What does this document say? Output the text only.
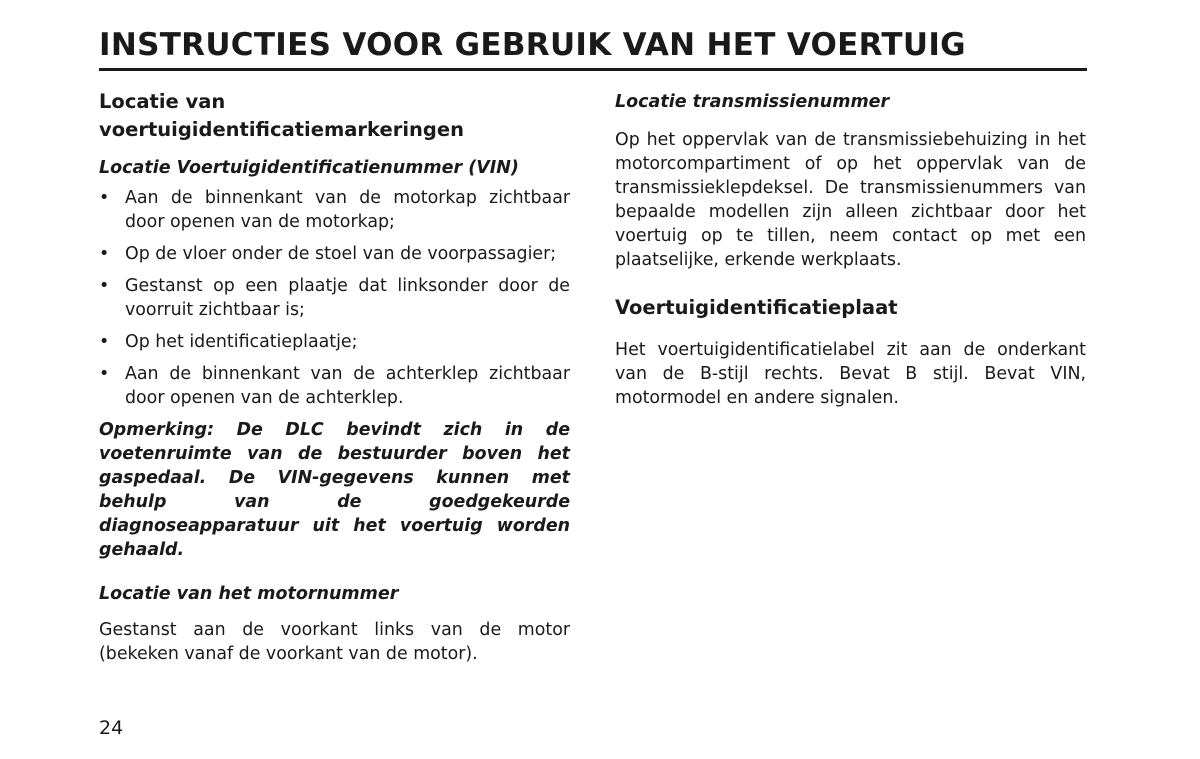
INSTRUCTIES VOOR GEBRUIK VAN HET VOERTUIG
Locatie van voertuigidentificatiemarkeringen
Locatie Voertuigidentificatienummer (VIN)
• Aan de binnenkant van de motorkap zichtbaar door openen van de motorkap;
• Op de vloer onder de stoel van de voorpassagier;
• Gestanst op een plaatje dat linksonder door de voorruit zichtbaar is;
• Op het identificatieplaatje;
• Aan de binnenkant van de achterklep zichtbaar door openen van de achterklep.

Opmerking: De DLC bevindt zich in de voetenruimte van de bestuurder boven het gaspedaal. De VIN-gegevens kunnen met behulp van de goedgekeurde diagnoseapparatuur uit het voertuig worden gehaald.

Locatie van het motornummer

Gestanst aan de voorkant links van de motor (bekeken vanaf de voorkant van de motor).

Locatie transmissienummer

Op het oppervlak van de transmissiebehuizing in het motorcompartiment of op het oppervlak van de transmissieklepdeksel. De transmissienummers van bepaalde modellen zijn alleen zichtbaar door het voertuig op te tillen, neem contact op met een plaatselijke, erkende werkplaats.

Voertuigidentificatieplaat

Het voertuigidentificatielabel zit aan de onderkant van de B-stijl rechts. Bevat B stijl. Bevat VIN, motormodel en andere signalen.

24
